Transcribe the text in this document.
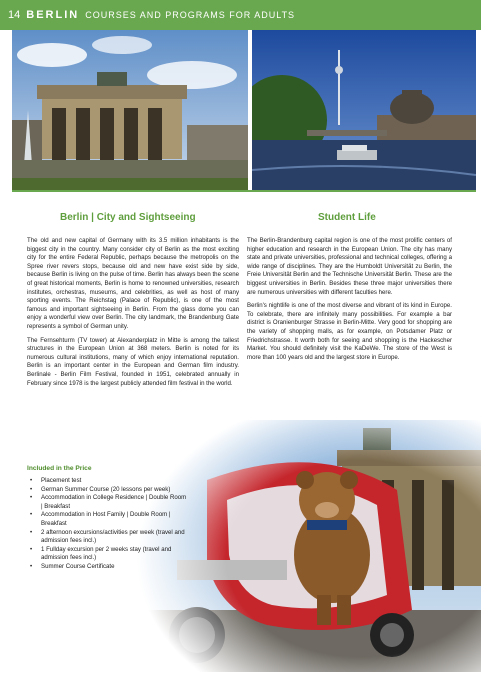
14 BERLIN COURSES AND PROGRAMS FOR ADULTS
Berlin | City and Sightseeing	Student Life

The old and new capital of Germany with its 3.5 million inhabitants is the biggest city in the country. Many consider city of Berlin as the most exciting city for the entire Federal Republic, perhaps because the metropolis on the Spree river revers stops, because old and new have exist side by side, because Berlin is living on the pulse of time. Berlin has always been the scene of great historical moments, Berlin is home to renowned universities, research institutes, orchestras, museums, and celebrities, as well as host of many sporting events. The Reichstag (Palace of Republic), is one of the most famous and important sightseeing in Berlin. From the glass dome you can enjoy a wonderful view over Berlin. The city landmark, the Brandenburg Gate represents a symbol of German unity.

The Fernsehturm (TV tower) at Alexanderplatz in Mitte is among the tallest structures in the European Union at 368 meters. Berlin is noted for its numerous cultural institutions, many of which enjoy international reputation. Berlin is an important center in the European and German film industry. Berlinale - Berlin Film Festival, founded in 1951, celebrated annually in February since 1978 is the largest publicly attended film festival in the world.

The Berlin-Brandenburg capital region is one of the most prolific centers of higher education and research in the European Union. The city has many state and private universities, professional and technical colleges, offering a wide range of disciplines. They are the Humboldt Universität zu Berlin, the Freie Universität Berlin and the Technische Universität Berlin. These are the biggest universities in Berlin. Besides these three major universities there are numerous universities with different faculties here.

Berlin's nightlife is one of the most diverse and vibrant of its kind in Europe. To celebrate, there are infinitely many possibilities. For example a bar district is Oranienburger Strasse in Berlin-Mitte. Very good for shopping are the variety of shopping malls, as for example, on Potsdamer Platz or Friedrichstrasse. It worth both for seeing and shopping is the Hackescher Market. You should definitely visit the KaDeWe. The store of the West is more than 100 years old and the largest store in Europe.

Included in the Price
• Placement test
• German Summer Course (20 lessons per week)
• Accommodation in College Residence | Double Room | Breakfast
• Accommodation in Host Family | Double Room | Breakfast
• 2 afternoon excursions/activities per week (travel and admission fees incl.)
• 1 Fullday excursion per 2 weeks stay (travel and admission fees incl.)
• Summer Course Certificate
